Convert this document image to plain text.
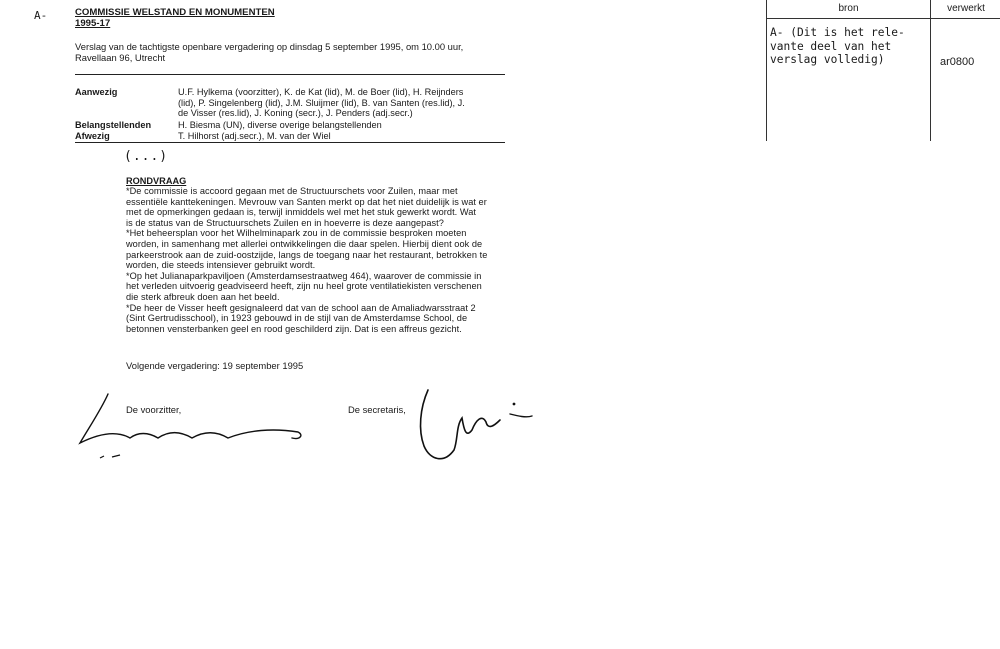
A-	COMMISSIE WELSTAND EN MONUMENTEN
1995-17
Verslag van de tachtigste openbare vergadering op dinsdag 5 september 1995, om 10.00 uur,
Ravellaan 96, Utrecht
Aanwezig	U.F. Hylkema (voorzitter), K. de Kat (lid), M. de Boer (lid), H. Reijnders
(lid), P. Singelenberg (lid), J.M. Sluijmer (lid), B. van Santen (res.lid), J.
de Visser (res.lid), J. Koning (secr.), J. Penders (adj.secr.)
Belangstellenden	H. Biesma (UN), diverse overige belangstellenden
Afwezig	T. Hilhorst (adj.secr.), M. van der Wiel
(...)
RONDVRAAG

*De commissie is accoord gegaan met de Structuurschets voor Zuilen, maar met

essentiële kanttekeningen. Mevrouw van Santen merkt op dat het niet duidelijk is wat er

met de opmerkingen gedaan is, terwijl inmiddels wel met het stuk gewerkt wordt. Wat

is de status van de Structuurschets Zuilen en in hoeverre is deze aangepast?

*Het beheersplan voor het Wilhelminapark zou in de commissie besproken moeten

worden, in samenhang met allerlei ontwikkelingen die daar spelen. Hierbij dient ook de

parkeerstrook aan de zuid-oostzijde, langs de toegang naar het restaurant, betrokken te

worden, die steeds intensiever gebruikt wordt.

*Op het Julianaparkpaviljoen (Amsterdamsestraatweg 464), waarover de commissie in

het verleden uitvoerig geadviseerd heeft, zijn nu heel grote ventilatiekisten verschenen

die sterk afbreuk doen aan het beeld.

*De heer de Visser heeft gesignaleerd dat van de school aan de Amaliadwarsstraat 2

(Sint Gertrudisschool), in 1923 gebouwd in de stijl van de Amsterdamse School, de

betonnen vensterbanken geel en rood geschilderd zijn. Dat is een affreus gezicht.

Volgende vergadering: 19 september 1995
De voorzitter,	De secretaris,
bron	verwerkt
A- (Dit is het rele-
vante deel van het
verslag volledig)	ar0800
